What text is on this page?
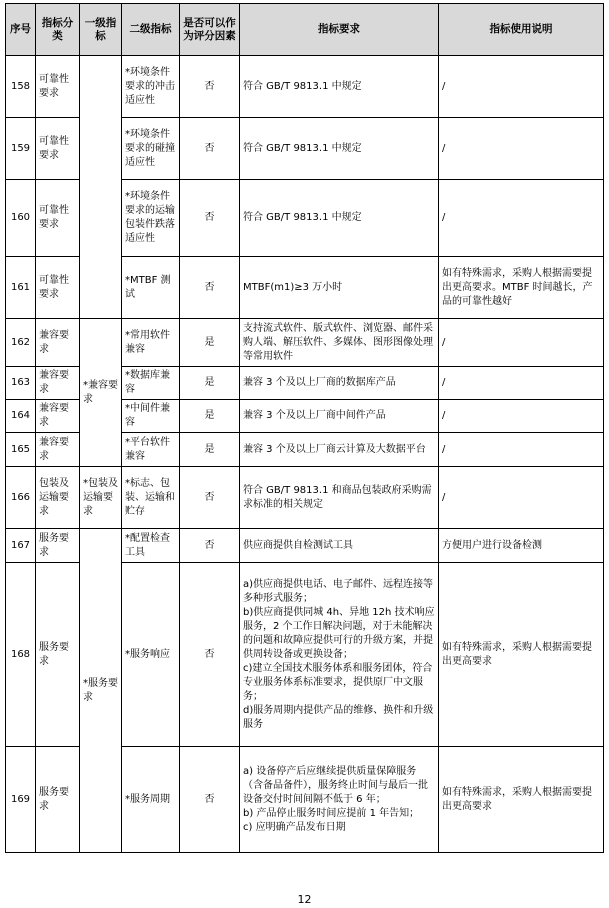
序号	指标分类	一级指标	二级指标	是否可以作为评分因素	指标要求	指标使用说明
158	可靠性要求		*环境条件要求的冲击适应性	否	符合 GB/T 9813.1 中规定	/
159	可靠性要求		*环境条件要求的碰撞适应性	否	符合 GB/T 9813.1 中规定	/
160	可靠性要求		*环境条件要求的运输包装件跌落适应性	否	符合 GB/T 9813.1 中规定	/
161	可靠性要求		*MTBF 测试	否	MTBF(m1)≥3 万小时	如有特殊需求，采购人根据需要提出更高要求。MTBF 时间越长，产品的可靠性越好
162	兼容要求	*兼容要求	*常用软件兼容	是	支持流式软件、版式软件、浏览器、邮件采购人端、解压软件、多媒体、图形图像处理等常用软件	/
163	兼容要求		*数据库兼容	是	兼容 3 个及以上厂商的数据库产品	/
164	兼容要求		*中间件兼容	是	兼容 3 个及以上厂商中间件产品	/
165	兼容要求		*平台软件兼容	是	兼容 3 个及以上厂商云计算及大数据平台	/
166	包装及运输要求	*包装及运输要求	*标志、包装、运输和贮存	否	符合 GB/T 9813.1 和商品包装政府采购需求标准的相关规定	/
167	服务要求	*服务要求	*配置检查工具	否	供应商提供自检测试工具	方便用户进行设备检测
168	服务要求		*服务响应	否	a)供应商提供电话、电子邮件、远程连接等多种形式服务；
b)供应商提供同城 4h、异地 12h 技术响应服务，2 个工作日解决问题，对于未能解决的问题和故障应提供可行的升级方案，并提供周转设备或更换设备；
c)建立全国技术服务体系和服务团体，符合专业服务体系标准要求，提供原厂中文服务；
d)服务周期内提供产品的维修、换件和升级服务	如有特殊需求，采购人根据需要提出更高要求
169	服务要求		*服务周期	否	a) 设备停产后应继续提供质量保障服务（含备品备件），服务终止时间与最后一批设备交付时间间隔不低于 6 年；
b) 产品停止服务时间应提前 1 年告知；
c) 应明确产品发布日期	如有特殊需求，采购人根据需要提出更高要求
12
